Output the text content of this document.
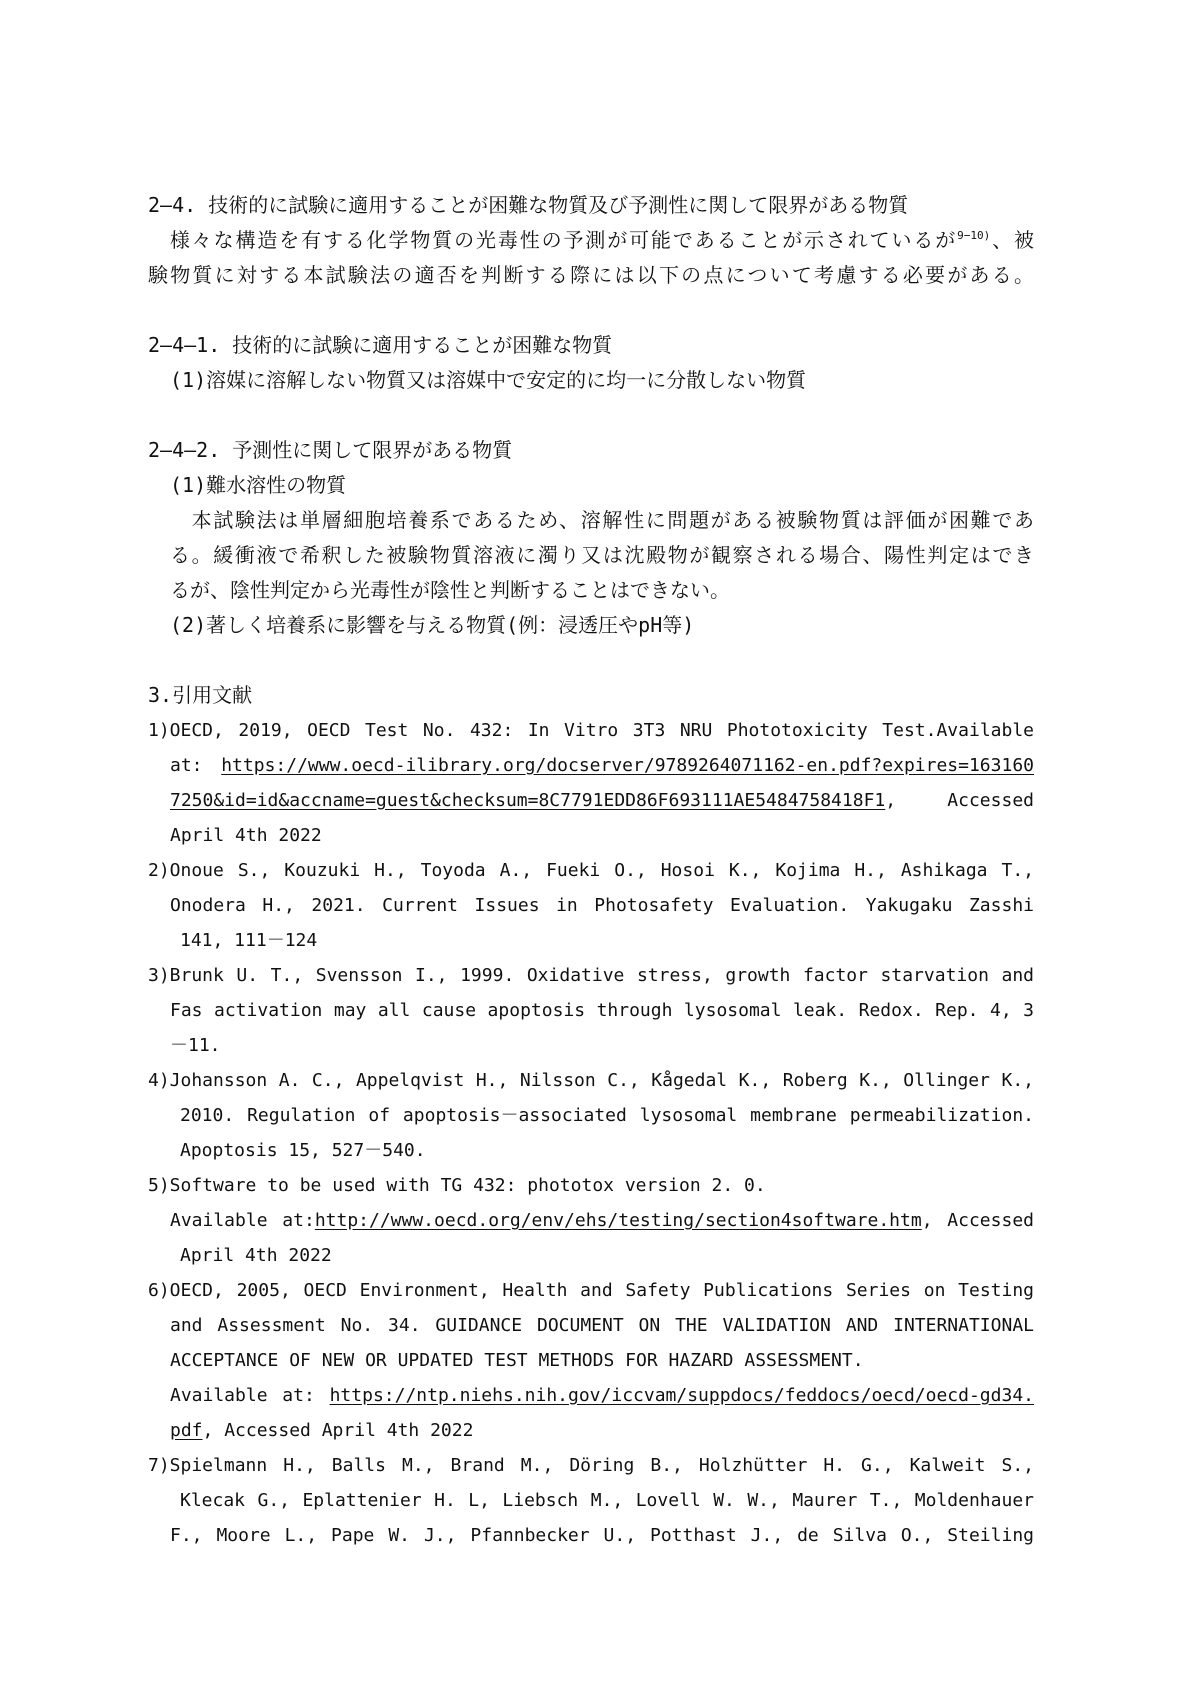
2—4. 技術的に試験に適用することが困難な物質及び予測性に関して限界がある物質
　様々な構造を有する化学物質の光毒性の予測が可能であることが示されているが$^{9-10)}$、被
験物質に対する本試験法の適否を判断する際には以下の点について考慮する必要がある。
2—4—1. 技術的に試験に適用することが困難な物質
(1)溶媒に溶解しない物質又は溶媒中で安定的に均一に分散しない物質
2—4—2. 予測性に関して限界がある物質
(1)難水溶性の物質
　本試験法は単層細胞培養系であるため、溶解性に問題がある被験物質は評価が困難であ
る。緩衝液で希釈した被験物質溶液に濁り又は沈殿物が観察される場合、陽性判定はでき
るが、陰性判定から光毒性が陰性と判断することはできない。
(2)著しく培養系に影響を与える物質(例：浸透圧やpH等)
3.引用文献
1)OECD, 2019, OECD Test No. 432: In Vitro 3T3 NRU Phototoxicity Test.Available
at: https://www.oecd-ilibrary.org/docserver/9789264071162-en.pdf?expires=163160
7250&id=id&accname=guest&checksum=8C7791EDD86F693111AE5484758418F1, Accessed
April 4th 2022
2)Onoue S., Kouzuki H., Toyoda A., Fueki O., Hosoi K., Kojima H., Ashikaga T.,
Onodera H., 2021. Current Issues in Photosafety Evaluation. Yakugaku Zasshi
141, 111－124
3)Brunk U. T., Svensson I., 1999. Oxidative stress, growth factor starvation and
Fas activation may all cause apoptosis through lysosomal leak. Redox. Rep. 4, 3
－11.
4)Johansson A. C., Appelqvist H., Nilsson C., Kågedal K., Roberg K., Ollinger K.,
2010. Regulation of apoptosis－associated lysosomal membrane permeabilization.
Apoptosis 15, 527－540.
5)Software to be used with TG 432: phototox version 2. 0.
Available at:http://www.oecd.org/env/ehs/testing/section4software.htm, Accessed
April 4th 2022
6)OECD, 2005, OECD Environment, Health and Safety Publications Series on Testing
and Assessment No. 34. GUIDANCE DOCUMENT ON THE VALIDATION AND INTERNATIONAL
ACCEPTANCE OF NEW OR UPDATED TEST METHODS FOR HAZARD ASSESSMENT.
Available at: https://ntp.niehs.nih.gov/iccvam/suppdocs/feddocs/oecd/oecd-gd34.
pdf, Accessed April 4th 2022
7)Spielmann H., Balls M., Brand M., Döring B., Holzhütter H. G., Kalweit S.,
Klecak G., Eplattenier H. L, Liebsch M., Lovell W. W., Maurer T., Moldenhauer
F., Moore L., Pape W. J., Pfannbecker U., Potthast J., de Silva O., Steiling
